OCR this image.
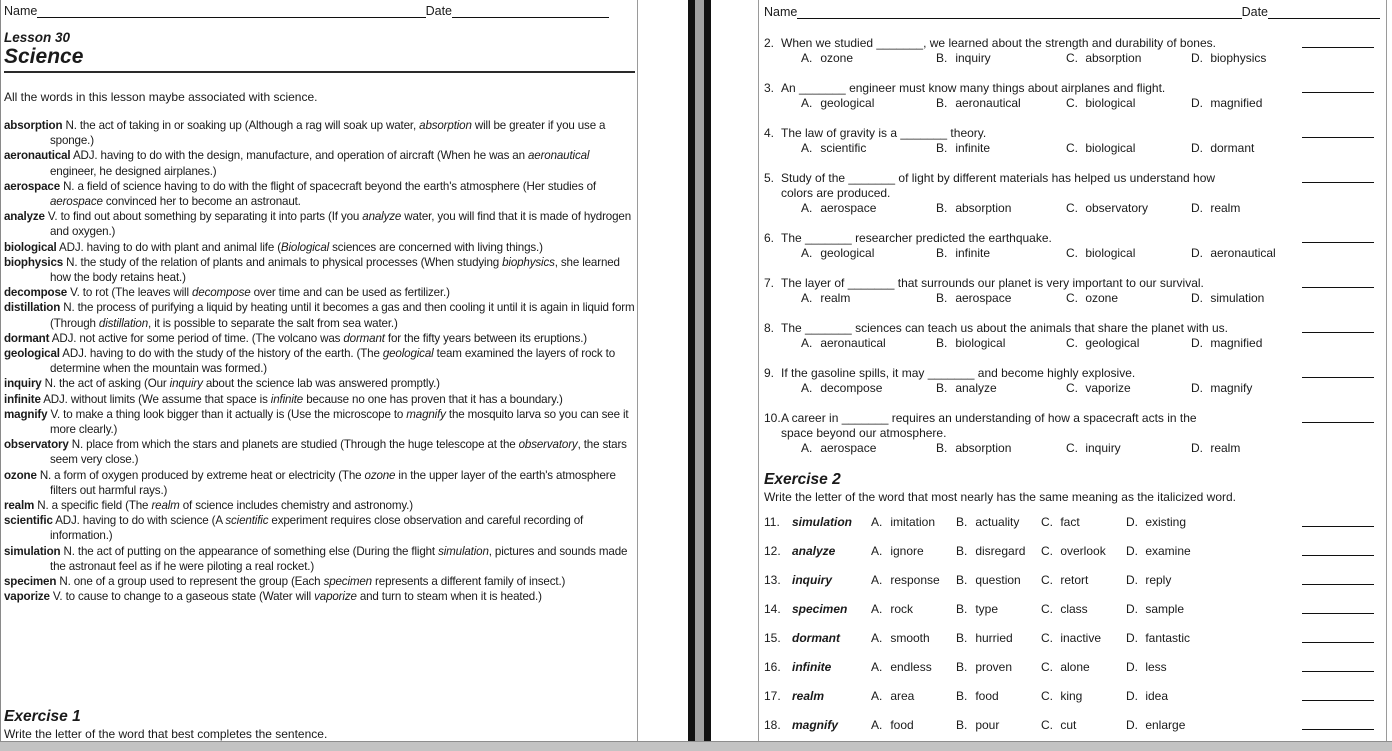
Name	Date
Lesson 30
Science
All the words in this lesson maybe associated with science.

absorption N. the act of taking in or soaking up (Although a rag will soak up water, absorption will be greater if you use a sponge.)

aeronautical ADJ. having to do with the design, manufacture, and operation of aircraft (When he was an aeronautical engineer, he designed airplanes.)

aerospace N. a field of science having to do with the flight of spacecraft beyond the earth's atmosphere (Her studies of aerospace convinced her to become an astronaut.

analyze V. to find out about something by separating it into parts (If you analyze water, you will find that it is made of hydrogen and oxygen.)

biological ADJ. having to do with plant and animal life (Biological sciences are concerned with living things.)

biophysics N. the study of the relation of plants and animals to physical processes (When studying biophysics, she learned how the body retains heat.)

decompose V. to rot (The leaves will decompose over time and can be used as fertilizer.)

distillation N. the process of purifying a liquid by heating until it becomes a gas and then cooling it until it is again in liquid form (Through distillation, it is possible to separate the salt from sea water.)

dormant ADJ. not active for some period of time. (The volcano was dormant for the fifty years between its eruptions.)

geological ADJ. having to do with the study of the history of the earth. (The geological team examined the layers of rock to determine when the mountain was formed.)

inquiry N. the act of asking (Our inquiry about the science lab was answered promptly.)

infinite ADJ. without limits (We assume that space is infinite because no one has proven that it has a boundary.)

magnify V. to make a thing look bigger than it actually is (Use the microscope to magnify the mosquito larva so you can see it more clearly.)

observatory N. place from which the stars and planets are studied (Through the huge telescope at the observatory, the stars seem very close.)

ozone N. a form of oxygen produced by extreme heat or electricity (The ozone in the upper layer of the earth's atmosphere filters out harmful rays.)

realm N. a specific field (The realm of science includes chemistry and astronomy.)

scientific ADJ. having to do with science (A scientific experiment requires close observation and careful recording of information.)

simulation N. the act of putting on the appearance of something else (During the flight simulation, pictures and sounds made the astronaut feel as if he were piloting a real rocket.)

specimen N. one of a group used to represent the group (Each specimen represents a different family of insect.)

vaporize V. to cause to change to a gaseous state (Water will vaporize and turn to steam when it is heated.)

Exercise 1
Write the letter of the word that best completes the sentence.
Name	Date
2. When we studied _______, we learned about the strength and durability of bones.
A. ozone	B. inquiry	C. absorption	D. biophysics
3. An _______ engineer must know many things about airplanes and flight.
A. geological	B. aeronautical	C. biological	D. magnified
4. The law of gravity is a _______ theory.
A. scientific	B. infinite	C. biological	D. dormant
5. Study of the _______ of light by different materials has helped us understand how
colors are produced.
A. aerospace	B. absorption	C. observatory	D. realm
6. The _______ researcher predicted the earthquake.
A. geological	B. infinite	C. biological	D. aeronautical
7. The layer of _______ that surrounds our planet is very important to our survival.
A. realm	B. aerospace	C. ozone	D. simulation
8. The _______ sciences can teach us about the animals that share the planet with us.
A. aeronautical	B. biological	C. geological	D. magnified
9. If the gasoline spills, it may _______ and become highly explosive.
A. decompose	B. analyze	C. vaporize	D. magnify
10.A career in _______ requires an understanding of how a spacecraft acts in the
space beyond our atmosphere.
A. aerospace	B. absorption	C. inquiry	D. realm
Exercise 2
Write the letter of the word that most nearly has the same meaning as the italicized word.
11.	simulation	A. imitation	B. actuality	C. fact	D. existing
12. analyze	A. ignore	B. disregard	C. overlook	D. examine
13. inquiry	A. response	B. question	C. retort	D. reply
14. specimen	A. rock	B. type	C. class	D. sample
15. dormant	A. smooth	B. hurried	C. inactive	D. fantastic
16. infinite	A. endless	B. proven	C. alone	D. less
17. realm	A. area	B. food	C. king	D. idea
18. magnify	A. food	B. pour	C. cut	D. enlarge
